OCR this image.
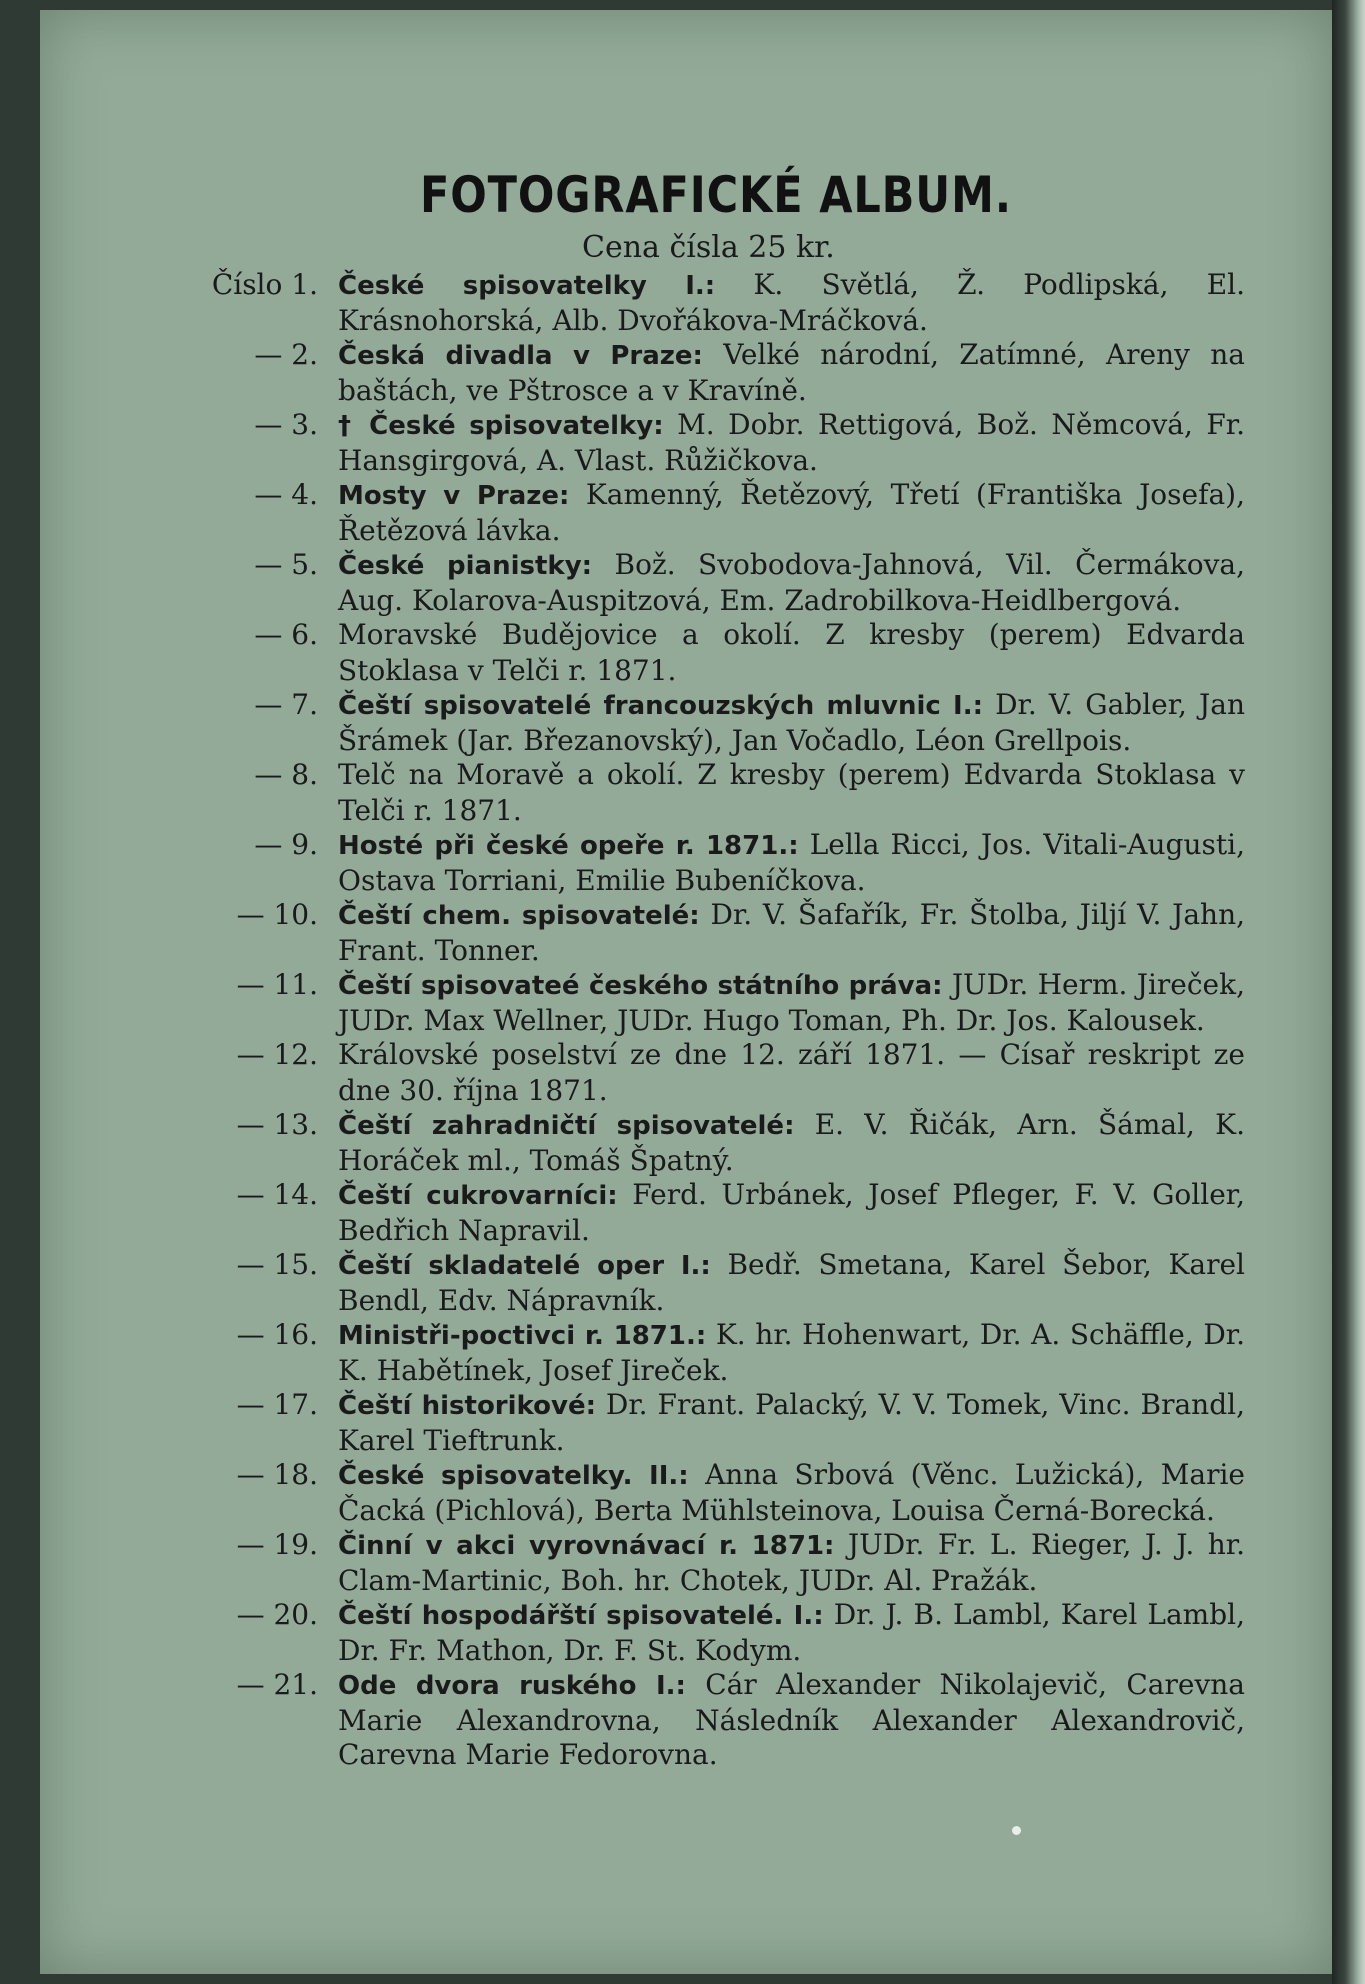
FOTOGRAFICKÉ ALBUM.
Cena čísla 25 kr.
Číslo 1. České spisovatelky I.: K. Světlá, Ž. Podlipská, El. Krásnohorská, Alb. Dvořákova-Mráčková.
— 2. Česká divadla v Praze: Velké národní, Zatímné, Areny na baštách, ve Pštrosce a v Kravíně.
— 3. † České spisovatelky: M. Dobr. Rettigová, Bož. Němcová, Fr. Hansgirgová, A. Vlast. Růžičkova.
— 4. Mosty v Praze: Kamenný, Řetězový, Třetí (Františka Josefa), Řetězová lávka.
— 5. České pianistky: Bož. Svobodova-Jahnová, Vil. Čermákova, Aug. Kolarova-Auspitzová, Em. Zadrobilkova-Heidlbergová.
— 6. Moravské Budějovice a okolí. Z kresby (perem) Edvarda Stoklasa v Telči r. 1871.
— 7. Čeští spisovatelé francouzských mluvnic I.: Dr. V. Gabler, Jan Šrámek (Jar. Březanovský), Jan Vočadlo, Léon Grellpois.
— 8. Telč na Moravě a okolí. Z kresby (perem) Edvarda Stoklasa v Telči r. 1871.
— 9. Hosté při české opeře r. 1871.: Lella Ricci, Jos. Vitali-Augusti, Ostava Torriani, Emilie Bubeníčkova.
— 10. Čeští chem. spisovatelé: Dr. V. Šafařík, Fr. Štolba, Jiljí V. Jahn, Frant. Tonner.
— 11. Čeští spisovateé českého státního práva: JUDr. Herm. Jireček, JUDr. Max Wellner, JUDr. Hugo Toman, Ph. Dr. Jos. Kalousek.
— 12. Královské poselství ze dne 12. září 1871. — Císař reskript ze dne 30. října 1871.
— 13. Čeští zahradničtí spisovatelé: E. V. Řičák, Arn. Šámal, K. Horáček ml., Tomáš Špatný.
— 14. Čeští cukrovarníci: Ferd. Urbánek, Josef Pfleger, F. V. Goller, Bedřich Napravil.
— 15. Čeští skladatelé oper I.: Bedř. Smetana, Karel Šebor, Karel Bendl, Edv. Nápravník.
— 16. Ministři-poctivci r. 1871.: K. hr. Hohenwart, Dr. A. Schäffle, Dr. K. Habětínek, Josef Jireček.
— 17. Čeští historikové: Dr. Frant. Palacký, V. V. Tomek, Vinc. Brandl, Karel Tieftrunk.
— 18. České spisovatelky. II.: Anna Srbová (Věnc. Lužická), Marie Čacká (Pichlová), Berta Mühlsteinova, Louisa Černá-Borecká.
— 19. Činní v akci vyrovnávací r. 1871: JUDr. Fr. L. Rieger, J. J. hr. Clam-Martinic, Boh. hr. Chotek, JUDr. Al. Pražák.
— 20. Čeští hospodářští spisovatelé. I.: Dr. J. B. Lambl, Karel Lambl, Dr. Fr. Mathon, Dr. F. St. Kodym.
— 21. Ode dvora ruského I.: Cár Alexander Nikolajevič, Carevna Marie Alexandrovna, Následník Alexander Alexandrovič, Carevna Marie Fedorovna.
